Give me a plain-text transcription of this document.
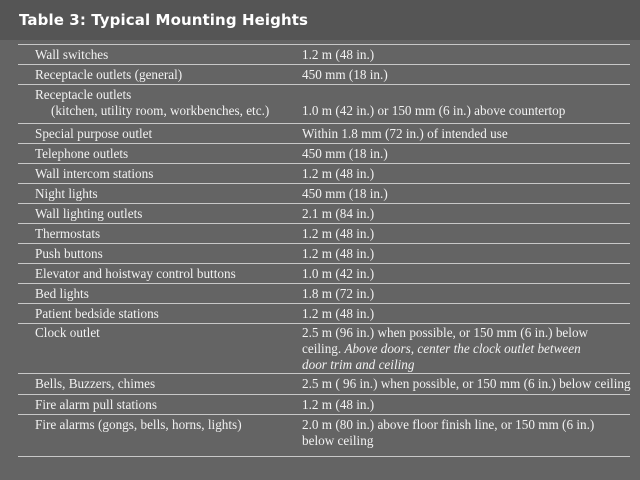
Table 3: Typical Mounting Heights
Wall switches	1.2 m (48 in.)
Receptacle outlets (general)	450 mm (18 in.)
Receptacle outlets
(kitchen, utility room, workbenches, etc.)
	1.0 m (42 in.) or 150 mm (6 in.) above countertop
Special purpose outlet	Within 1.8 mm (72 in.) of intended use
Telephone outlets	450 mm (18 in.)
Wall intercom stations	1.2 m (48 in.)
Night lights	450 mm (18 in.)
Wall lighting outlets	2.1 m (84 in.)
Thermostats	1.2 m (48 in.)
Push buttons	1.2 m (48 in.)
Elevator and hoistway control buttons	1.0 m (42 in.)
Bed lights	1.8 m (72 in.)
Patient bedside stations	1.2 m (48 in.)
Clock outlet	2.5 m (96 in.) when possible, or 150 mm (6 in.) below
ceiling. Above doors, center the clock outlet between
door trim and ceiling
Bells, Buzzers, chimes	2.5 m ( 96 in.) when possible, or 150 mm (6 in.) below ceiling
Fire alarm pull stations	1.2 m (48 in.)
Fire alarms (gongs, bells, horns, lights)	2.0 m (80 in.) above floor finish line, or 150 mm (6 in.)
below ceiling
